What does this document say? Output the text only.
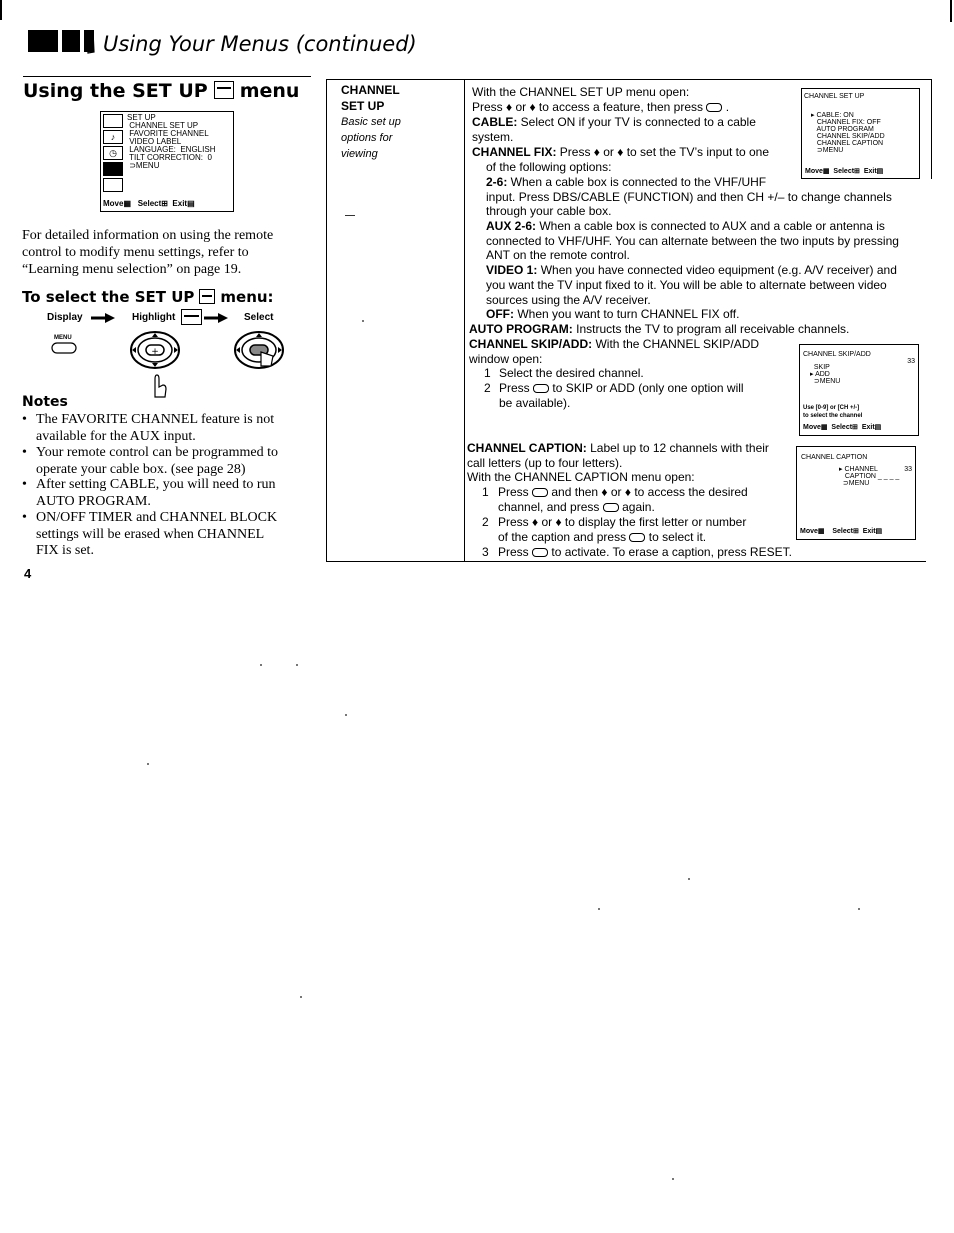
Using Your Menus (continued)
Using the SET UP menu
♪
◷
SET UP
CHANNEL SET UP
FAVORITE CHANNEL
VIDEO LABEL
LANGUAGE:  ENGLISH
TILT CORRECTION:  0
⊃MENU
Move▦   Select⊞  Exit▤
For detailed information on using the remote
control to modify menu settings, refer to
“Learning menu selection” on page 19.
To select the SET UP menu:
Display	Highlight	Select
MENU
+
Notes
• The FAVORITE CHANNEL feature is not
available for the AUX input.
• Your remote control can be programmed to
operate your cable box. (see page 28)
• After setting CABLE, you will need to run
AUTO PROGRAM.
• ON/OFF TIMER and CHANNEL BLOCK
settings will be erased when CHANNEL
FIX is set.
4
CHANNEL
SET UP
Basic set up
options for
viewing
CHANNEL SET UP
▸ CABLE: ON
CHANNEL FIX: OFF
AUTO PROGRAM
CHANNEL SKIP/ADD
CHANNEL CAPTION
⊃MENU
Move▦  Select⊞  Exit▤
CHANNEL SKIP/ADD
33
SKIP
▸ ADD
⊃MENU
Use [0-9] or [CH +/-]
to select the channel
Move▦  Select⊞  Exit▤
CHANNEL CAPTION
33
▸ CHANNEL
CAPTION _ _ _ _
⊃MENU
Move▦    Select⊞  Exit▤
With the CHANNEL SET UP menu open:
Press ♦ or ♦ to access a feature, then press  .
CABLE: Select ON if your TV is connected to a cable
system.
CHANNEL FIX: Press ♦ or ♦ to set the TV’s input to one
of the following options:
2-6: When a cable box is connected to the VHF/UHF
input. Press DBS/CABLE (FUNCTION) and then CH +/– to change channels
through your cable box.
AUX 2-6: When a cable box is connected to AUX and a cable or antenna is
connected to VHF/UHF. You can alternate between the two inputs by pressing
ANT on the remote control.
VIDEO 1: When you have connected video equipment (e.g. A/V receiver) and
you want the TV input fixed to it. You will be able to alternate between video
sources using the A/V receiver.
OFF: When you want to turn CHANNEL FIX off.
AUTO PROGRAM: Instructs the TV to program all receivable channels.
CHANNEL SKIP/ADD: With the CHANNEL SKIP/ADD
window open:
1 Select the desired channel.
2 Press to SKIP or ADD (only one option will
be available).
CHANNEL CAPTION: Label up to 12 channels with their
call letters (up to four letters).
With the CHANNEL CAPTION menu open:
1 Press and then ♦ or ♦ to access the desired
channel, and press again.
2 Press ♦ or ♦ to display the first letter or number
of the caption and press to select it.
3 Press to activate. To erase a caption, press RESET.
